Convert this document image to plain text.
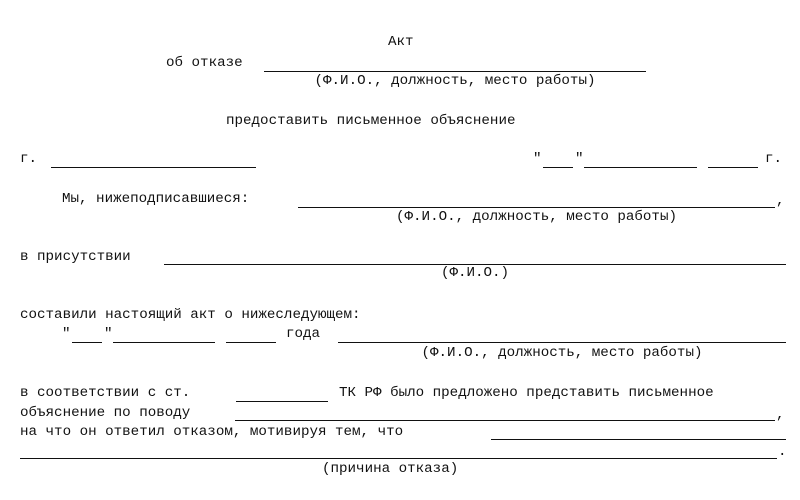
Акт
об отказе
(Ф.И.О., должность, место работы)
предоставить письменное объяснение
г.	" "	г.
Мы, нижеподписавшиеся:	,
(Ф.И.О., должность, место работы)
в присутствии
(Ф.И.О.)
составили настоящий акт о нижеследующем:
" "	года
(Ф.И.О., должность, место работы)
в соответствии с ст.	ТК РФ было предложено представить письменное
объяснение по поводу	,
на что он ответил отказом, мотивируя тем, что
.
(причина отказа)
